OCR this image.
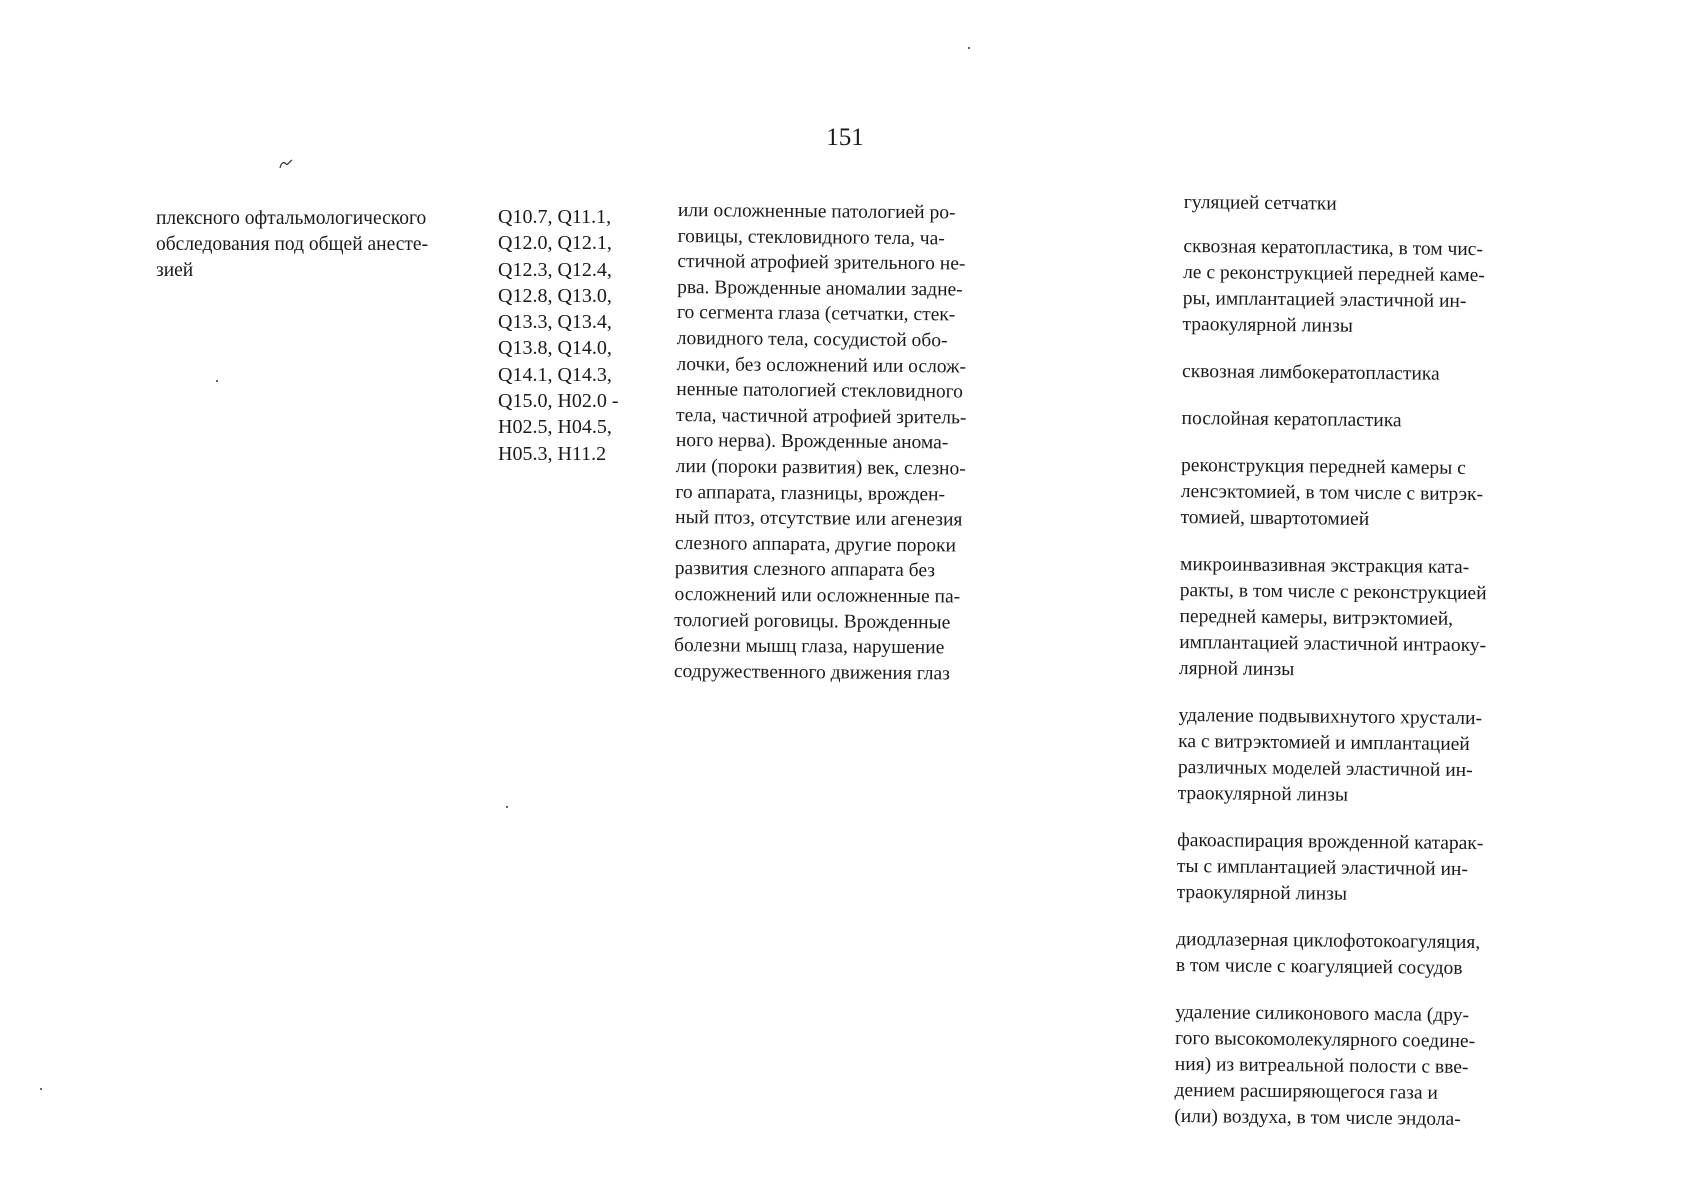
151
плексного офтальмологического
обследования под общей анесте-
зией
Q10.7, Q11.1,
Q12.0, Q12.1,
Q12.3, Q12.4,
Q12.8, Q13.0,
Q13.3, Q13.4,
Q13.8, Q14.0,
Q14.1, Q14.3,
Q15.0, H02.0 -
H02.5, H04.5,
H05.3, H11.2
или осложненные патологией ро-
говицы, стекловидного тела, ча-
стичной атрофией зрительного не-
рва. Врожденные аномалии задне-
го сегмента глаза (сетчатки, стек-
ловидного тела, сосудистой обо-
лочки, без осложнений или ослож-
ненные патологией стекловидного
тела, частичной атрофией зритель-
ного нерва). Врожденные анома-
лии (пороки развития) век, слезно-
го аппарата, глазницы, врожден-
ный птоз, отсутствие или агенезия
слезного аппарата, другие пороки
развития слезного аппарата без
осложнений или осложненные па-
тологией роговицы. Врожденные
болезни мышц глаза, нарушение
содружественного движения глаз
гуляцией сетчатки
сквозная кератопластика, в том чис-
ле с реконструкцией передней каме-
ры, имплантацией эластичной ин-
траокулярной линзы
сквозная лимбокератопластика
послойная кератопластика
реконструкция передней камеры с
ленсэктомией, в том числе с витрэк-
томией, швартотомией
микроинвазивная экстракция ката-
ракты, в том числе с реконструкцией
передней камеры, витрэктомией,
имплантацией эластичной интраоку-
лярной линзы
удаление подвывихнутого хрустали-
ка с витрэктомией и имплантацией
различных моделей эластичной ин-
траокулярной линзы
факоаспирация врожденной катарак-
ты с имплантацией эластичной ин-
траокулярной линзы
диодлазерная циклофотокоагуляция,
в том числе с коагуляцией сосудов
удаление силиконового масла (дру-
гого высокомолекулярного соедине-
ния) из витреальной полости с вве-
дением расширяющегося газа и
(или) воздуха, в том числе эндола-
